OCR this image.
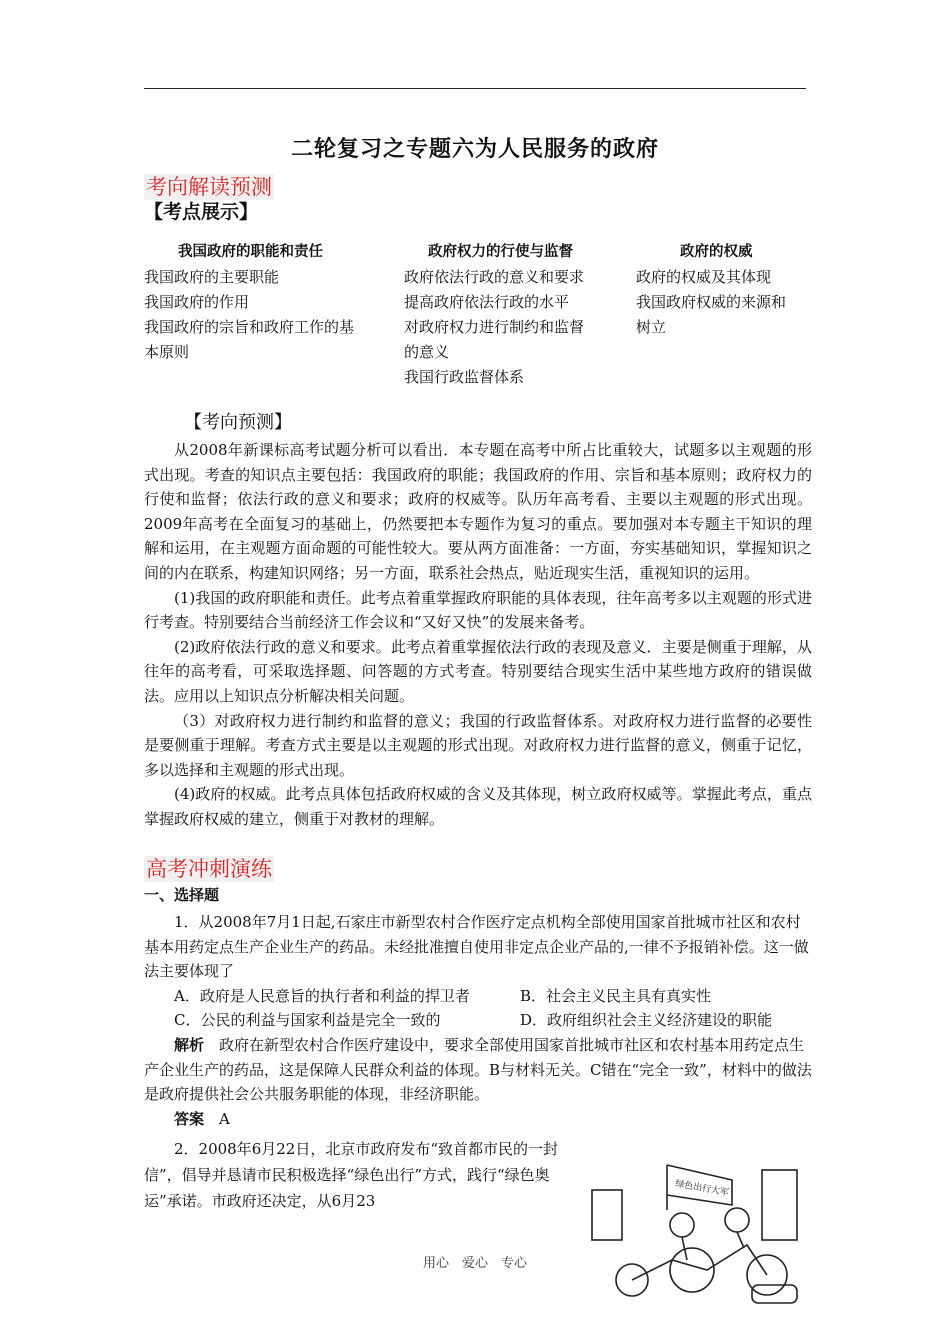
二轮复习之专题六为人民服务的政府
考向解读预测
【考点展示】
我国政府的职能和责任
我国政府的主要职能
我国政府的作用
我国政府的宗旨和政府工作的基
本原则
政府权力的行使与监督
政府依法行政的意义和要求
提高政府依法行政的水平
对政府权力进行制约和监督
的意义
我国行政监督体系
政府的权威
政府的权威及其体现
我国政府权威的来源和
树立
【考向预测】

从2008年新课标高考试题分析可以看出．本专题在高考中所占比重较大，试题多以主观题的形式出现。考查的知识点主要包括：我国政府的职能；我国政府的作用、宗旨和基本原则；政府权力的行使和监督；依法行政的意义和要求；政府的权威等。队历年高考看、主要以主观题的形式出现。2009年高考在全面复习的基础上，仍然要把本专题作为复习的重点。要加强对本专题主干知识的理解和运用，在主观题方面命题的可能性较大。要从两方面准备：一方面，夯实基础知识，掌握知识之间的内在联系，构建知识网络；另一方面，联系社会热点，贴近现实生活，重视知识的运用。

(1)我国的政府职能和责任。此考点着重掌握政府职能的具体表现，往年高考多以主观题的形式进行考查。特别要结合当前经济工作会议和“又好又快”的发展来备考。

(2)政府依法行政的意义和要求。此考点着重掌握依法行政的表现及意义．主要是侧重于理解，从往年的高考看，可采取选择题、问答题的方式考查。特别要结合现实生活中某些地方政府的错误做法。应用以上知识点分析解决相关问题。

（3）对政府权力进行制约和监督的意义；我国的行政监督体系。对政府权力进行监督的必要性是要侧重于理解。考查方式主要是以主观题的形式出现。对政府权力进行监督的意义，侧重于记忆，多以选择和主观题的形式出现。

(4)政府的权威。此考点具体包括政府权威的含义及其体现，树立政府权威等。掌握此考点，重点掌握政府权威的建立，侧重于对教材的理解。

高考冲刺演练
一、选择题

1．从2008年7月1日起,石家庄市新型农村合作医疗定点机构全部使用国家首批城市社区和农村基本用药定点生产企业生产的药品。未经批准擅自使用非定点企业产品的,一律不予报销补偿。这一做法主要体现了

A．政府是人民意旨的执行者和利益的捍卫者	B．社会主义民主具有真实性
C．公民的利益与国家利益是完全一致的	D．政府组织社会主义经济建设的职能

解析　 政府在新型农村合作医疗建设中，要求全部使用国家首批城市社区和农村基本用药定点生产企业生产的药品，这是保障人民群众利益的体现。B与材料无关。C错在“完全一致”，材料中的做法是政府提供社会公共服务职能的体现，非经济职能。

答案　 A

2．2008年6月22日，北京市政府发布“致首都市民的一封信”，倡导并恳请市民积极选择“绿色出行”方式，践行“绿色奥运”承诺。市政府还决定，从6月23

绿色出行大军
用心　爱心　专心
